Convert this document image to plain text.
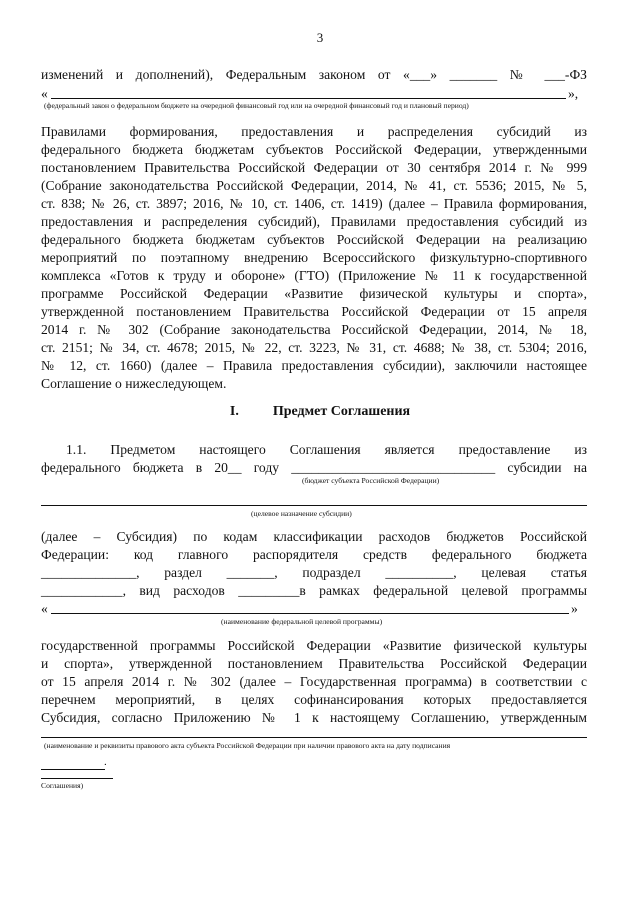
3
изменений и дополнений), Федеральным законом от «___» _______ № ___-ФЗ
«	»,
(федеральный закон о федеральном бюджете на очередной финансовый год или на очередной финансовый год и плановый период)
Правилами формирования, предоставления и распределения субсидий из
федерального бюджета бюджетам субъектов Российской Федерации, утвержденными
постановлением Правительства Российской Федерации от 30 сентября 2014 г. № 999
(Собрание законодательства Российской Федерации, 2014, № 41, ст. 5536; 2015, № 5,
ст. 838; № 26, ст. 3897; 2016, № 10, ст. 1406, ст. 1419) (далее – Правила формирования,
предоставления и распределения субсидий), Правилами предоставления субсидий из
федерального бюджета бюджетам субъектов Российской Федерации на реализацию
мероприятий по поэтапному внедрению Всероссийского физкультурно-спортивного
комплекса «Готов к труду и обороне» (ГТО) (Приложение № 11 к государственной
программе Российской Федерации «Развитие физической культуры и спорта»,
утвержденной постановлением Правительства Российской Федерации от 15 апреля
2014 г. № 302 (Собрание законодательства Российской Федерации, 2014, № 18,
ст. 2151; № 34, ст. 4678; 2015, № 22, ст. 3223, № 31, ст. 4688; № 38, ст. 5304; 2016,
№ 12, ст. 1660) (далее – Правила предоставления субсидии), заключили настоящее
Соглашение о нижеследующем.
I. Предмет Соглашения
1.1. Предметом настоящего Соглашения является предоставление из
федерального бюджета в 20__ году ______________________________ субсидии на
(бюджет субъекта Российской Федерации)
(целевое назначение субсидии)
(далее – Субсидия) по кодам классификации расходов бюджетов Российской
Федерации: код главного распорядителя средств федерального бюджета
______________, раздел _______, подраздел __________, целевая статья
____________, вид расходов _________в рамках федеральной целевой программы
«	»
(наименование федеральной целевой программы)
государственной программы Российской Федерации «Развитие физической культуры
и спорта», утвержденной постановлением Правительства Российской Федерации
от 15 апреля 2014 г. № 302 (далее – Государственная программа) в соответствии с
перечнем мероприятий, в целях софинансирования которых предоставляется
Субсидия, согласно Приложению № 1 к настоящему Соглашению, утвержденным
(наименование и реквизиты правового акта субъекта Российской Федерации при наличии правового акта на дату подписания
.
Соглашения)
